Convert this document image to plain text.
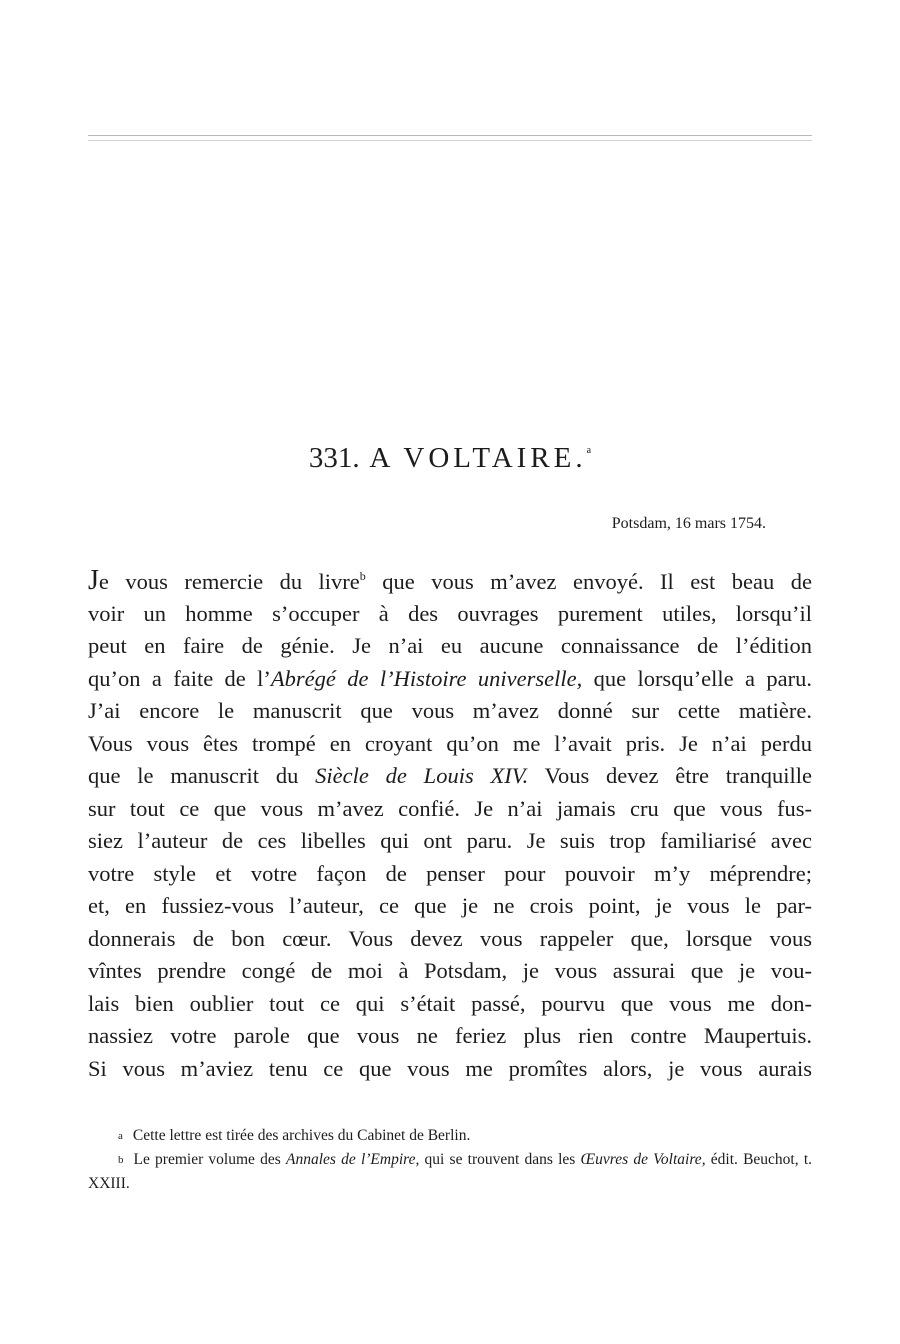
331. A VOLTAIRE.$^a$
Potsdam, 16 mars 1754.
Je vous remercie du livre$^b$ que vous m’avez envoyé. Il est beau de
voir un homme s’occuper à des ouvrages purement utiles, lorsqu’il
peut en faire de génie. Je n’ai eu aucune connaissance de l’édition
qu’on a faite de l’Abrégé de l’Histoire universelle, que lorsqu’elle a paru.
J’ai encore le manuscrit que vous m’avez donné sur cette matière.
Vous vous êtes trompé en croyant qu’on me l’avait pris. Je n’ai perdu
que le manuscrit du Siècle de Louis XIV. Vous devez être tranquille
sur tout ce que vous m’avez confié. Je n’ai jamais cru que vous fus-
siez l’auteur de ces libelles qui ont paru. Je suis trop familiarisé avec
votre style et votre façon de penser pour pouvoir m’y méprendre;
et, en fussiez-vous l’auteur, ce que je ne crois point, je vous le par-
donnerais de bon cœur. Vous devez vous rappeler que, lorsque vous
vîntes prendre congé de moi à Potsdam, je vous assurai que je vou-
lais bien oublier tout ce qui s’était passé, pourvu que vous me don-
nassiez votre parole que vous ne feriez plus rien contre Maupertuis.
Si vous m’aviez tenu ce que vous me promîtes alors, je vous aurais
a Cette lettre est tirée des archives du Cabinet de Berlin.
b Le premier volume des Annales de l’Empire, qui se trouvent dans les Œuvres de Voltaire, édit. Beuchot, t. XXIII.
